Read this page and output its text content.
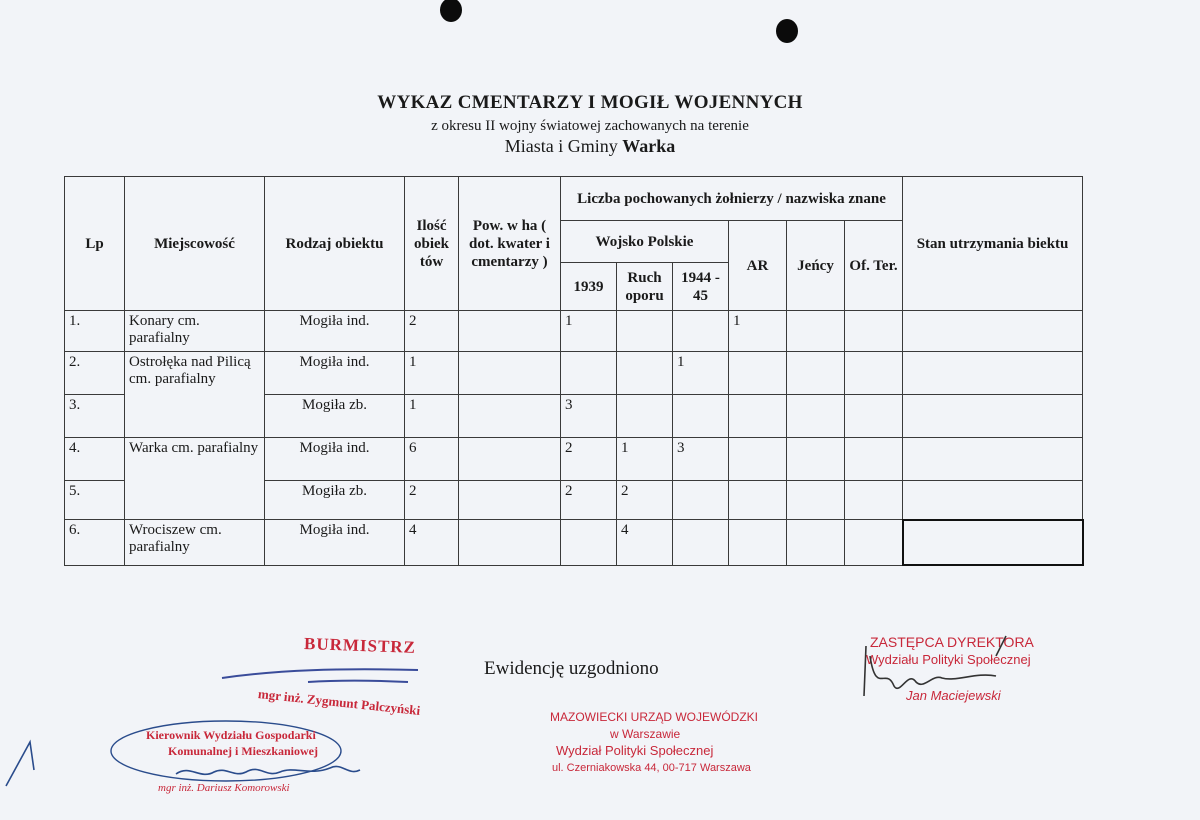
WYKAZ CMENTARZY I MOGIŁ WOJENNYCH
z okresu II wojny światowej zachowanych na terenie
Miasta i Gminy Warka
Lp	Miejscowość	Rodzaj obiektu	Ilość obiek tów	Pow. w ha ( dot. kwater i cmentarzy )	Liczba pochowanych żołnierzy / nazwiska znane						Stan utrzymania biektu
					Wojsko Polskie			AR	Jeńcy	Of. Ter.	
					1939	Ruch oporu	1944 - 45				
1.	Konary cm. parafialny	Mogiła ind.	2		1			1			
2.	Ostrołęka nad Pilicą cm. parafialny	Mogiła ind.	1				1				
3.		Mogiła zb.	1		3						
4.	Warka cm. parafialny	Mogiła ind.	6		2	1	3				
5.		Mogiła zb.	2		2	2					
6.	Wrociszew cm. parafialny	Mogiła ind.	4			4					
Ewidencję uzgodniono
BURMISTRZ
mgr inż. Zygmunt Palczyński
Kierownik Wydziału Gospodarki
Komunalnej i Mieszkaniowej
mgr inż. Dariusz Komorowski
MAZOWIECKI URZĄD WOJEWÓDZKI
w Warszawie
Wydział Polityki Społecznej
ul. Czerniakowska 44, 00-717 Warszawa
ZASTĘPCA DYREKTORA
Wydziału Polityki Społecznej
Jan Maciejewski
